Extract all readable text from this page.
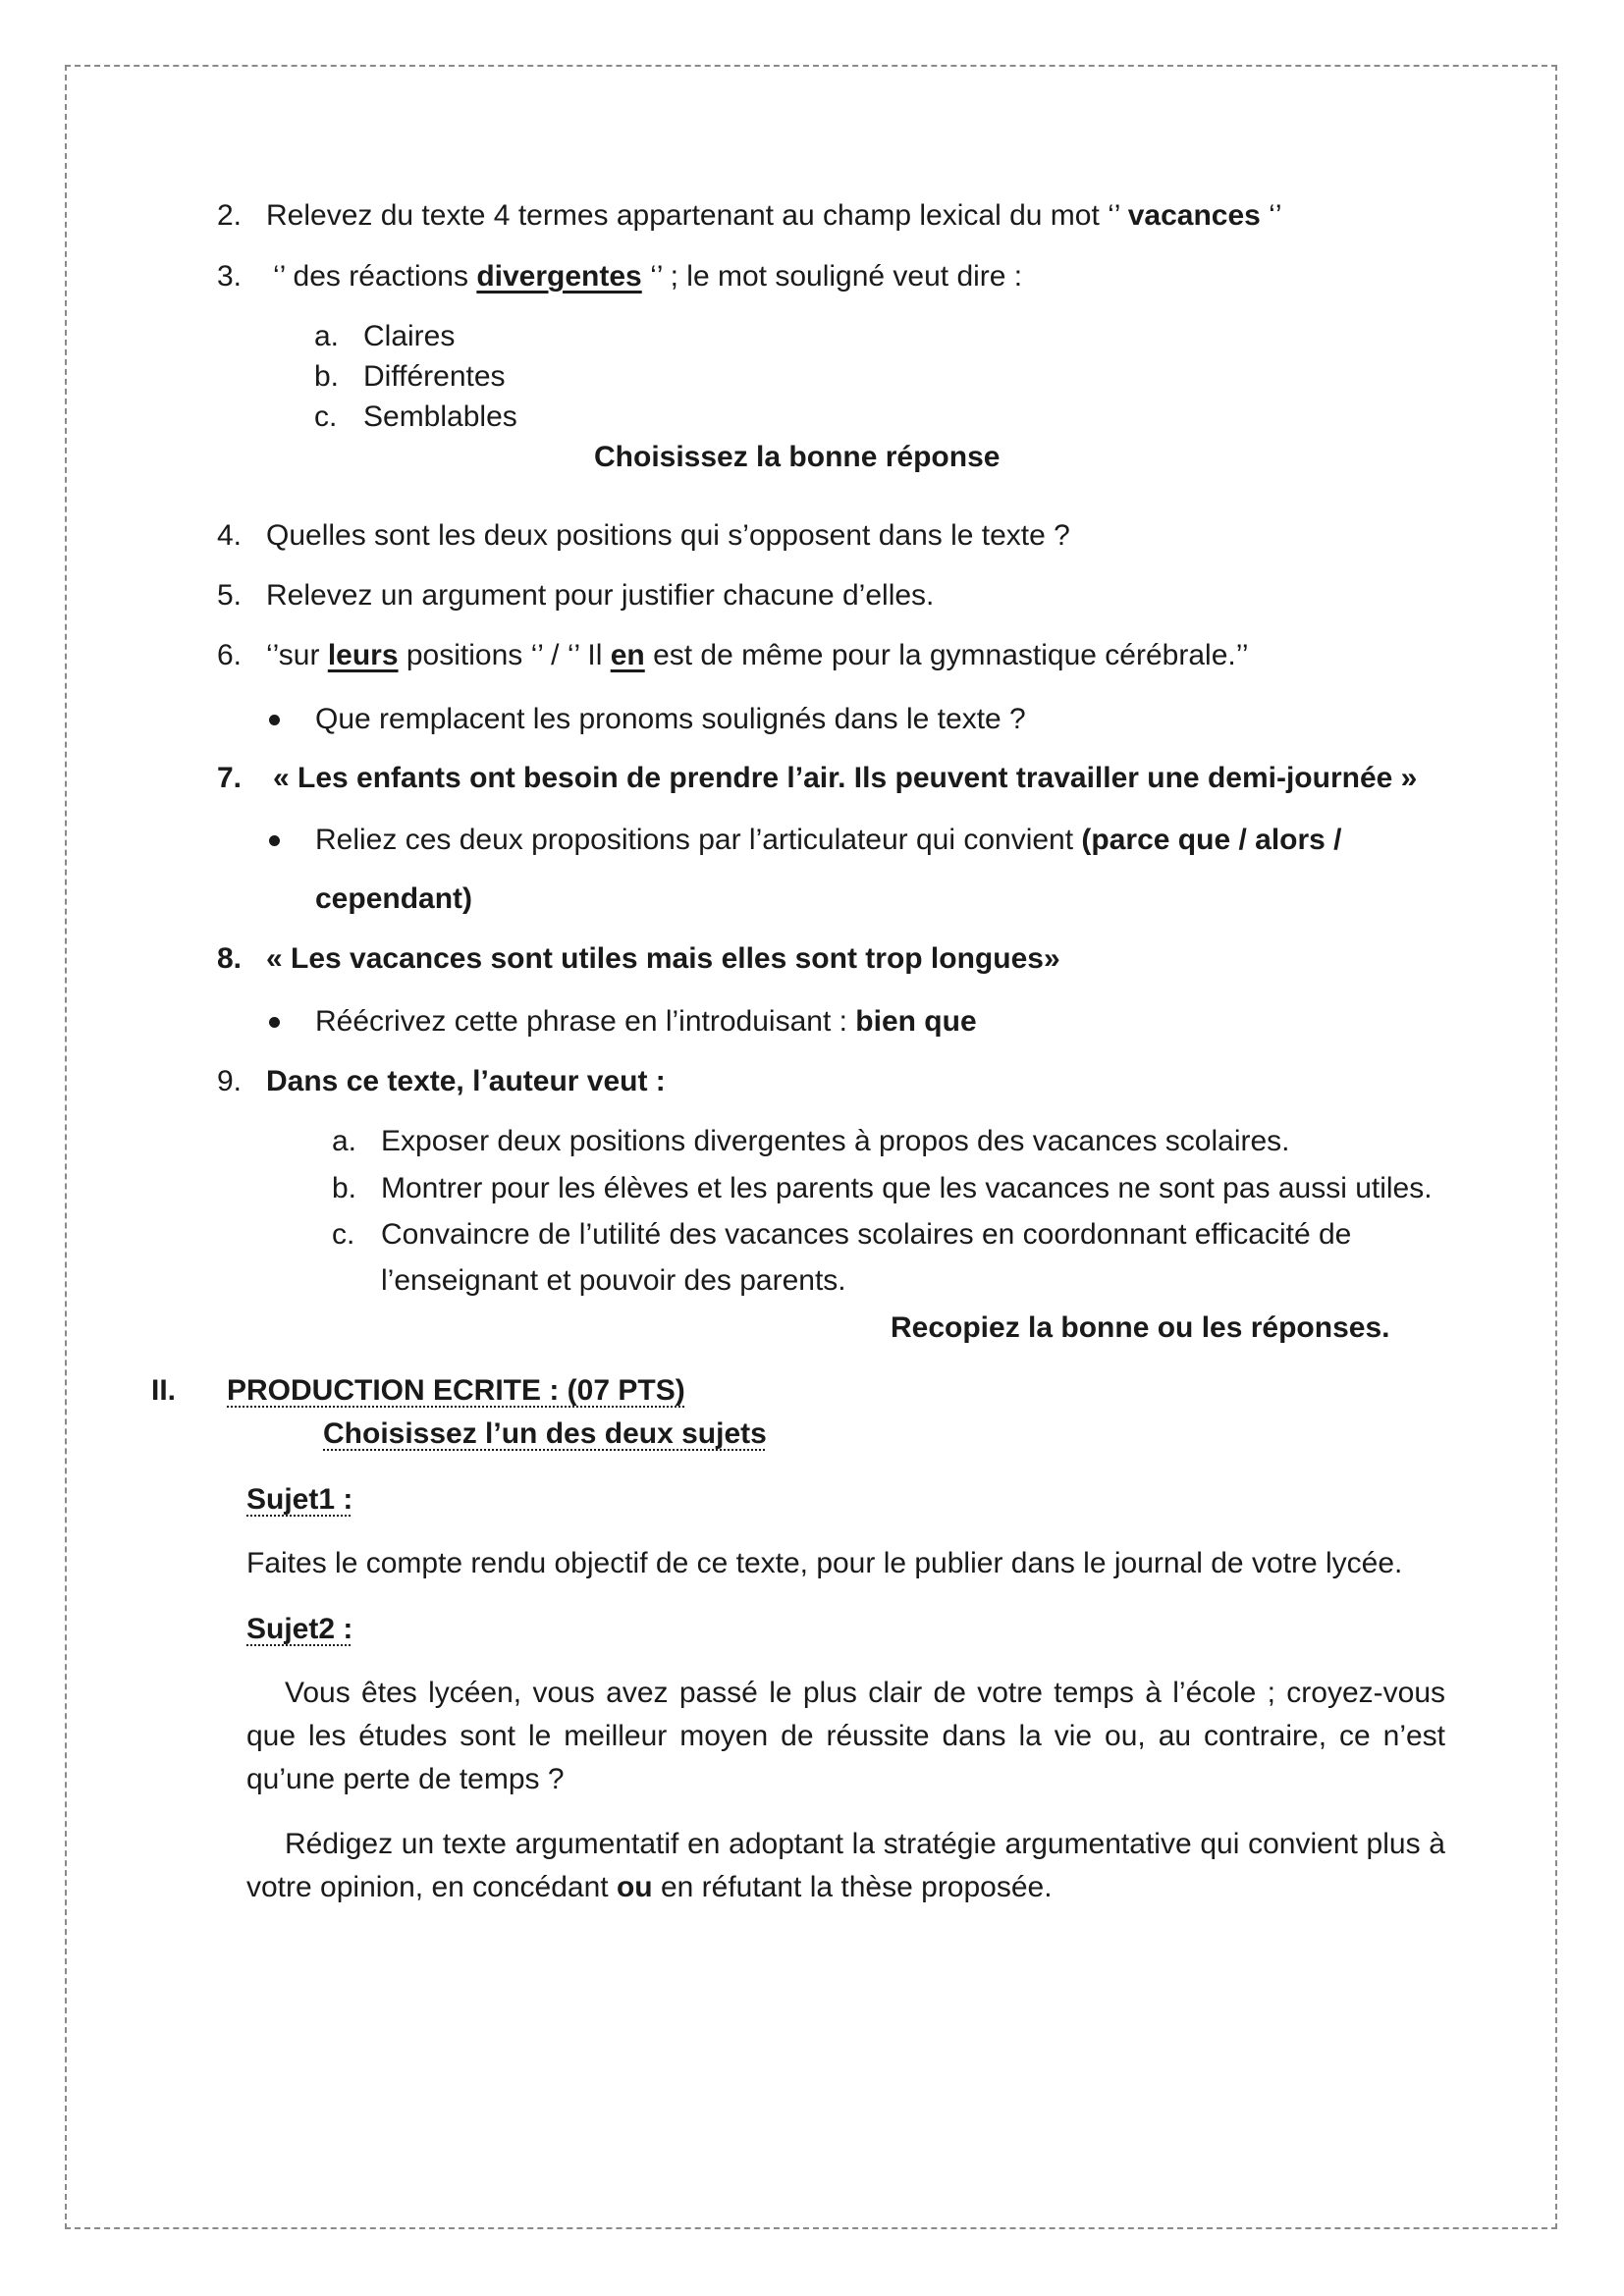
2. Relevez du texte 4 termes appartenant au champ lexical du mot ‘’ vacances ‘’
3. ‘’ des réactions divergentes ‘’ ; le mot souligné veut dire :
a. Claires
b. Différentes
c. Semblables
Choisissez la bonne réponse
4. Quelles sont les deux positions qui s’opposent dans le texte ?
5. Relevez un argument pour justifier chacune d’elles.
6. ‘’sur leurs positions ‘’ / ‘’ Il en est de même pour la gymnastique cérébrale.’’
Que remplacent les pronoms soulignés dans le texte ?
7. « Les enfants ont besoin de prendre l’air. Ils peuvent travailler une demi-journée »
Reliez ces deux propositions par l’articulateur qui convient (parce que / alors /
cependant)
8. « Les vacances sont utiles mais elles sont trop longues»
Réécrivez cette phrase en l’introduisant : bien que
9. Dans ce texte, l’auteur veut :
a. Exposer deux positions divergentes à propos des vacances scolaires.
b. Montrer pour les élèves et les parents que les vacances ne sont pas aussi utiles.
c. Convaincre de l’utilité des vacances scolaires en coordonnant efficacité de
l’enseignant et pouvoir des parents.
Recopiez la bonne ou les réponses.
II. PRODUCTION ECRITE : (07 PTS)
Choisissez l’un des deux sujets
Sujet1 :
Faites le compte rendu objectif de ce texte, pour le publier dans le journal de votre lycée.
Sujet2 :
Vous êtes lycéen, vous avez passé le plus clair de votre temps à l’école ; croyez-vous que les études sont le meilleur moyen de réussite dans la vie ou, au contraire, ce n’est
qu’une perte de temps ?
Rédigez un texte argumentatif en adoptant la stratégie argumentative qui convient plus à votre opinion, en concédant ou en réfutant la thèse proposée.
